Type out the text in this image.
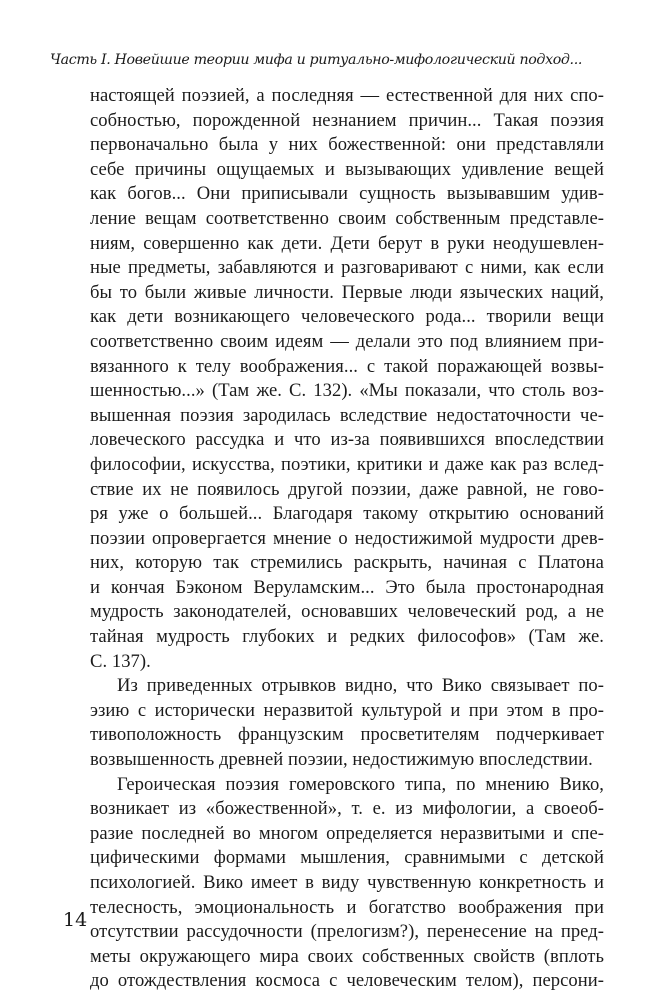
Часть I. Новейшие теории мифа и ритуально-мифологический подход...

настоящей поэзией, а последняя — естественной для них спо-
собностью, порожденной незнанием причин... Такая поэзия
первоначально была у них божественной: они представляли
себе причины ощущаемых и вызывающих удивление вещей
как богов... Они приписывали сущность вызывавшим удив-
ление вещам соответственно своим собственным представле-
ниям, совершенно как дети. Дети берут в руки неодушевлен-
ные предметы, забавляются и разговаривают с ними, как если
бы то были живые личности. Первые люди языческих наций,
как дети возникающего человеческого рода... творили вещи
соответственно своим идеям — делали это под влиянием при-
вязанного к телу воображения... с такой поражающей возвы-
шенностью...» (Там же. С. 132). «Мы показали, что столь воз-
вышенная поэзия зародилась вследствие недостаточности че-
ловеческого рассудка и что из-за появившихся впоследствии
философии, искусства, поэтики, критики и даже как раз вслед-
ствие их не появилось другой поэзии, даже равной, не гово-
ря уже о большей... Благодаря такому открытию оснований
поэзии опровергается мнение о недостижимой мудрости древ-
них, которую так стремились раскрыть, начиная с Платона
и кончая Бэконом Веруламским... Это была простонародная
мудрость законодателей, основавших человеческий род, а не
тайная мудрость глубоких и редких философов» (Там же.
С. 137).
Из приведенных отрывков видно, что Вико связывает по-
эзию с исторически неразвитой культурой и при этом в про-
тивоположность французским просветителям подчеркивает
возвышенность древней поэзии, недостижимую впоследствии.
Героическая поэзия гомеровского типа, по мнению Вико,
возникает из «божественной», т. е. из мифологии, а своеоб-
разие последней во многом определяется неразвитыми и спе-
цифическими формами мышления, сравнимыми с детской
психологией. Вико имеет в виду чувственную конкретность и
телесность, эмоциональность и богатство воображения при
отсутствии рассудочности (прелогизм?), перенесение на пред-
меты окружающего мира своих собственных свойств (вплоть
до отождествления космоса с человеческим телом), персони-

14
